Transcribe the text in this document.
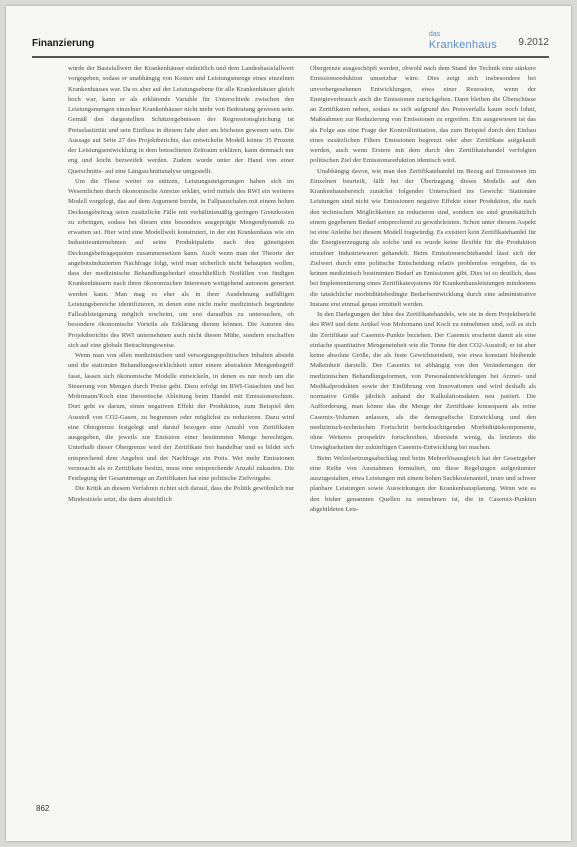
Finanzierung
das
Krankenhaus 9.2012

würde der Basisfallwert der Krankenhäuser einheitlich und dem Landesbasisfallwert vorgegeben, sodass er unabhängig von Kosten und Leistungsmenge eines einzelnen Krankenhauses war. Da es aber auf der Leistungsebene für alle Krankenhäuser gleich hoch war, kann er als erklärende Variable für Unterschiede zwischen den Leistungsmengen einzelner Krankenhäuser nicht mehr von Bedeutung gewesen sein. Gemäß den dargestellten Schätzergebnissen der Regressionsgleichung ist Preiselastizität und sein Einfluss in diesem Jahr aber am höchsten gewesen sein. Die Aussage auf Seite 27 des Projektberichts, das entwickelte Modell könne 35 Prozent der Leistungsentwicklung in dem betrachteten Zeitraum erklären, kann demnach nur eng und leicht bezweifelt werden. Zudem wurde unter der Hand von einer Querschnitts- auf eine Längsschnittanalyse umgestellt.

Um die These weiter zu stützen, Leistungssteigerungen haben sich im Wesentlichen durch ökonomische Anreize erklärt, wird mittels des RWI ein weiteres Modell vorgelegt, das auf dem Argument beruht, in Fallpauschalen mit einem hohen Deckungsbeitrag seien zusätzliche Fälle mit verhältnismäßig geringen Grenzkosten zu erbringen, sodass bei diesen eine besonders ausgeprägte Mengendynamik zu erwarten sei. Hier wird eine Modellwelt konstruiert, in der ein Krankenhaus wie ein Industrieunternehmen auf seine Produktpalette nach den günstigsten Deckungsbeitragsquoten zusammensetzen kann. Auch wenn man der Theorie der angebotsinduzierten Nachfrage folgt, wird man sicherlich nicht behaupten wollen, dass der medizinische Behandlungsbedarf einschließlich Notfällen von findigen Krankenhäusern nach ihren ökonomischen Interessen weitgehend autonom generiert werden kann. Man mag es eher als in ihrer Ausdehnung auffälligen Leistungsbereiche identifizieren, in denen eine nicht mehr medizinisch begründete Fallzahlsteigerung möglich erscheint, um erst daraufhin zu untersuchen, ob besondere ökonomische Vorteile als Erklärung dienen können. Die Autoren des Projektberichts des RWI unternehmen auch nicht diesen Mühe, sondern erschaffen sich auf eine globale Betrachtungsweise.

Wenn man von allen medizinischen und versorgungspolitischen Inhalten absieht und die stationäre Behandlungswirklichkeit unter einem abstrakten Mengenbegriff fasst, lassen sich ökonomische Modelle entwickeln, in denen es nur noch um die Steuerung von Mengen durch Preise geht. Dazu erfolgt im RWI-Gutachten und bei Mohrmann/Koch eine theoretische Ableitung beim Handel mit Emissionsrechten. Dort geht es darum, einen negativen Effekt der Produktion, zum Beispiel den Ausstoß von CO2-Gasen, zu begrenzen oder möglichst zu reduzieren. Dazu wird eine Obergrenze festgelegt und darauf bezogen eine Anzahl von Zertifikaten ausgegeben, die jeweils zur Emission einer bestimmten Menge berechtigen. Unterhalb dieser Obergrenze wird der Zertifikate frei handelbar und es bildet sich entsprechend dem Angebot und der Nachfrage ein Preis. Wer mehr Emissionen verursacht als er Zertifikate besitzt, muss eine entsprechende Anzahl zukaufen. Die Festlegung der Gesamtmenge an Zertifikaten hat eine politische Zielvorgabe.

Die Kritik an diesem Verfahren richtet sich darauf, dass die Politik gewöhnlich nur Mindestziele setzt, die dann absichtlich

Obergrenze ausgeschöpft werden, obwohl nach dem Stand der Technik eine stärkere Emissionsreduktion umsetzbar wäre. Dies zeigt sich insbesondere bei unvorhergesehenen Entwicklungen, etwa einer Rezession, wenn der Energieverbrauch auch die Emissionen zurückgehen. Dann bleiben die Überschüsse an Zertifikaten neben, sodass es sich aufgrund des Preisverfalls kaum noch lohnt, Maßnahmen zur Reduzierung von Emissionen zu ergreifen. Ein ausgewiesen ist das als Folge aus eine Frage der Kontrollinitiation, das zum Beispiel durch den Einbau eines zusätzlichen Filters Emissionen begrenzt oder aber Zertifikate aufgekauft werden, auch wenn Erstere mit dem durch den Zertifikatehandel verfolgten politischen Ziel der Emissionsreduktion identisch wird.

Unabhängig davon, wie man den Zertifikatehandel im Bezug auf Emissionen im Einzelnen beurteilt, fällt bei der Übertragung dieses Modells auf den Krankenhausbereich zunächst folgender Unterschied ins Gewicht: Stationäre Leistungen sind nicht wie Emissionen negative Effekte einer Produktion, die nach den technischen Möglichkeiten zu reduzieren sind, sondern sie sind grundsätzlich einem gegebenen Bedarf entsprechend zu gewährleisten. Schon unter diesem Aspekt ist eine Anleihe bei diesem Modell fragwürdig. Es existiert kein Zertifikatehandel für die Energieerzeugung als solche und es wurde keine flexible für die Produktion einzelner Industriewaren gehandelt. Beim Emissionsrechtehandel lässt sich der Zielwert durch eine politische Entscheidung relativ problemlos vorgeben, da es keinen medizinisch bestimmten Bedarf an Emissionen gibt. Dies ist so deutlich, dass bei Implementierung eines Zertifikatesystems für Krankenhausleistungen mindestens die tatsächliche morbiditätsbedingte Bedarfsentwicklung durch eine administrative Instanz erst einmal genau ermittelt werden.

In den Darlegungen der Idee des Zertifikatehandels, wie sie in dem Projektbericht des RWI und dem Artikel von Mohrmann und Koch zu entnehmen sind, soll es sich die Zertifikate auf Casemix-Punkte beziehen. Der Casemix erscheint damit als eine einfache quantitative Mengeneinheit wie die Tonne für den CO2-Ausstoß; er ist aber keine absolute Größe, die als feste Gewichtseinheit, wie etwa konstant bleibende Maßeinheit darstellt. Der Casemix ist abhängig von den Veränderungen der medizinischen Behandlungsformen, von Personalentwicklungen bei Arznei- und Medikalprodukten sowie der Einführung von Innovationen und wird deshalb als normative Größe jährlich anhand der Kalkulationsdaten neu justiert. Die Aufforderung, man könne das die Menge der Zertifikate konsequent als reine Casemix-Volumen anlassen, als die demografische Entwicklung und den medizinisch-technischen Fortschritt berücksichtigenden Morbiditätskomponente, ohne Weiteres prospektiv fortschreiben, übersieht wenig, da letzteres die Unwägbarkeiten der zukünftigen Casemix-Entwicklung bei machen.

Beim Welzelsetzungsabschlag und beim Mehrerlösausgleich hat der Gesetzgeber eine Reihe von Ausnahmen formuliert, um diese Regelungen aufgeräumter auszugestalten, etwa Leistungen mit einem hohen Sachkostenanteil, teure und schwer planbare Leistungen sowie Auswirkungen der Krankenhausplanung. Wenn wie es den bisher genannten Quellen zu entnehmen ist, die in Casemix-Punkten abgebildeten Leis-

862
